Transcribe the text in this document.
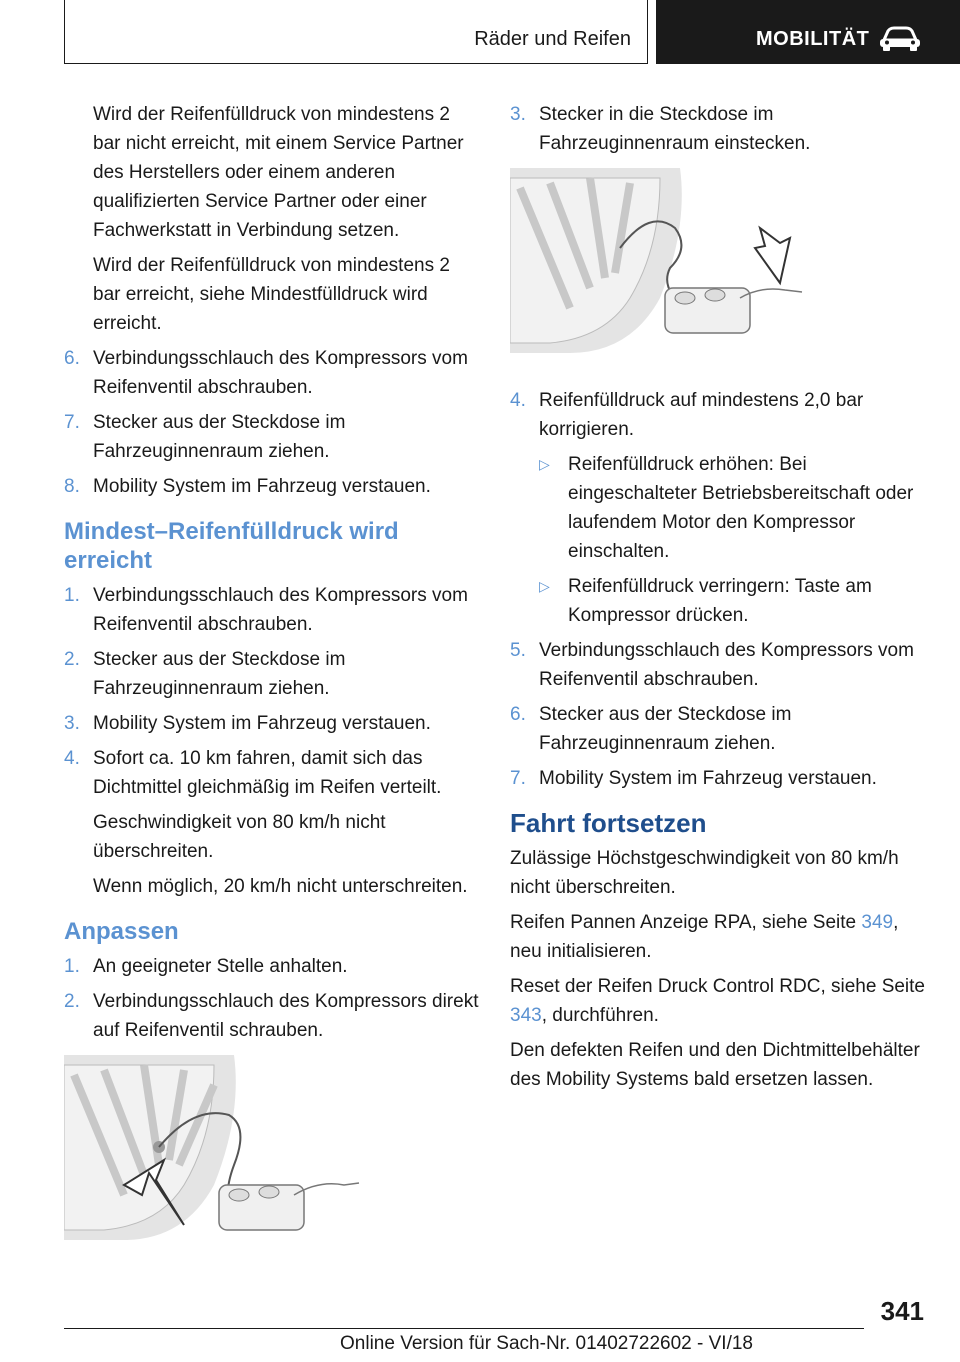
Räder und Reifen	MOBILITÄT

Wird der Reifenfülldruck von mindestens 2 bar nicht erreicht, mit einem Service Partner des Herstellers oder einem anderen qualifizierten Service Partner oder einer Fachwerkstatt in Verbindung setzen.

Wird der Reifenfülldruck von mindestens 2 bar erreicht, siehe Mindestfülldruck wird erreicht.

6. Verbindungsschlauch des Kompressors vom Reifenventil abschrauben.
7. Stecker aus der Steckdose im Fahrzeuginnenraum ziehen.
8. Mobility System im Fahrzeug verstauen.
Mindest–Reifenfülldruck wird erreicht
1. Verbindungsschlauch des Kompressors vom Reifenventil abschrauben.
2. Stecker aus der Steckdose im Fahrzeuginnenraum ziehen.
3. Mobility System im Fahrzeug verstauen.
4. Sofort ca. 10 km fahren, damit sich das Dichtmittel gleichmäßig im Reifen verteilt.

Geschwindigkeit von 80 km/h nicht überschreiten.

Wenn möglich, 20 km/h nicht unterschreiten.

Anpassen
1. An geeigneter Stelle anhalten.
2. Verbindungsschlauch des Kompressors direkt auf Reifenventil schrauben.
3. Stecker in die Steckdose im Fahrzeuginnenraum einstecken.
4. Reifenfülldruck auf mindestens 2,0 bar korrigieren.
▷ Reifenfülldruck erhöhen: Bei eingeschalteter Betriebsbereitschaft oder laufendem Motor den Kompressor einschalten.
▷ Reifenfülldruck verringern: Taste am Kompressor drücken.
5. Verbindungsschlauch des Kompressors vom Reifenventil abschrauben.
6. Stecker aus der Steckdose im Fahrzeuginnenraum ziehen.
7. Mobility System im Fahrzeug verstauen.
Fahrt fortsetzen

Zulässige Höchstgeschwindigkeit von 80 km/h nicht überschreiten.

Reifen Pannen Anzeige RPA, siehe Seite 349, neu initialisieren.

Reset der Reifen Druck Control RDC, siehe Seite 343, durchführen.

Den defekten Reifen und den Dichtmittelbehälter des Mobility Systems bald ersetzen lassen.

341
Online Version für Sach-Nr. 01402722602 - VI/18
